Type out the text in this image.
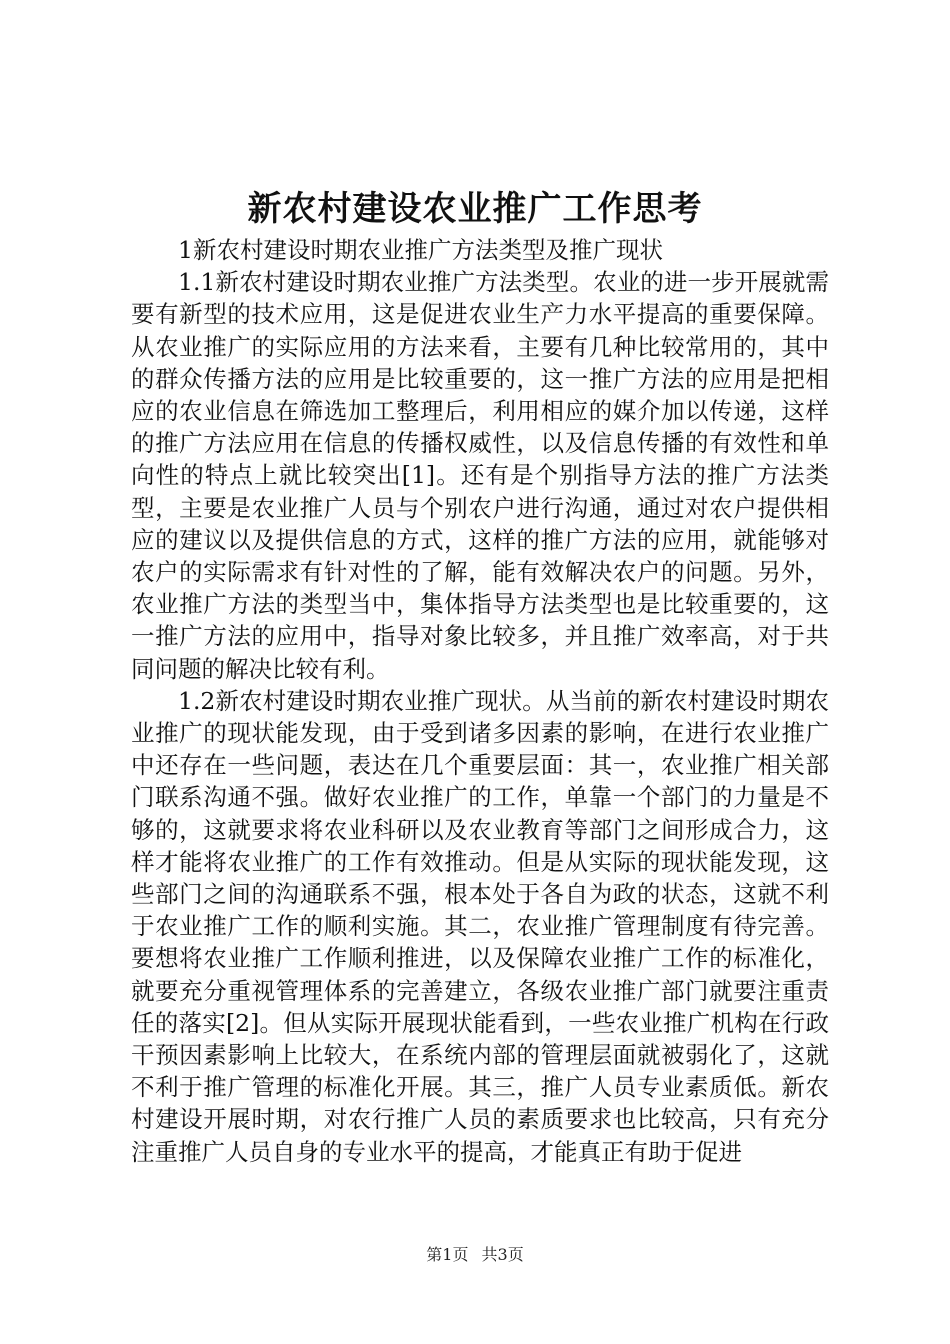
新农村建设农业推广工作思考

1新农村建设时期农业推广方法类型及推广现状

1.1新农村建设时期农业推广方法类型。农业的进一步开展就需要有新型的技术应用，这是促进农业生产力水平提高的重要保障。从农业推广的实际应用的方法来看，主要有几种比较常用的，其中的群众传播方法的应用是比较重要的，这一推广方法的应用是把相应的农业信息在筛选加工整理后，利用相应的媒介加以传递，这样的推广方法应用在信息的传播权威性，以及信息传播的有效性和单向性的特点上就比较突出[1]。还有是个别指导方法的推广方法类型，主要是农业推广人员与个别农户进行沟通，通过对农户提供相应的建议以及提供信息的方式，这样的推广方法的应用，就能够对农户的实际需求有针对性的了解，能有效解决农户的问题。另外，农业推广方法的类型当中，集体指导方法类型也是比较重要的，这一推广方法的应用中，指导对象比较多，并且推广效率高，对于共同问题的解决比较有利。

1.2新农村建设时期农业推广现状。从当前的新农村建设时期农业推广的现状能发现，由于受到诸多因素的影响，在进行农业推广中还存在一些问题，表达在几个重要层面：其一，农业推广相关部门联系沟通不强。做好农业推广的工作，单靠一个部门的力量是不够的，这就要求将农业科研以及农业教育等部门之间形成合力，这样才能将农业推广的工作有效推动。但是从实际的现状能发现，这些部门之间的沟通联系不强，根本处于各自为政的状态，这就不利于农业推广工作的顺利实施。其二，农业推广管理制度有待完善。要想将农业推广工作顺利推进，以及保障农业推广工作的标准化，就要充分重视管理体系的完善建立，各级农业推广部门就要注重责任的落实[2]。但从实际开展现状能看到，一些农业推广机构在行政干预因素影响上比较大，在系统内部的管理层面就被弱化了，这就不利于推广管理的标准化开展。其三，推广人员专业素质低。新农村建设开展时期，对农行推广人员的素质要求也比较高，只有充分注重推广人员自身的专业水平的提高，才能真正有助于促进

第1页 共3页
